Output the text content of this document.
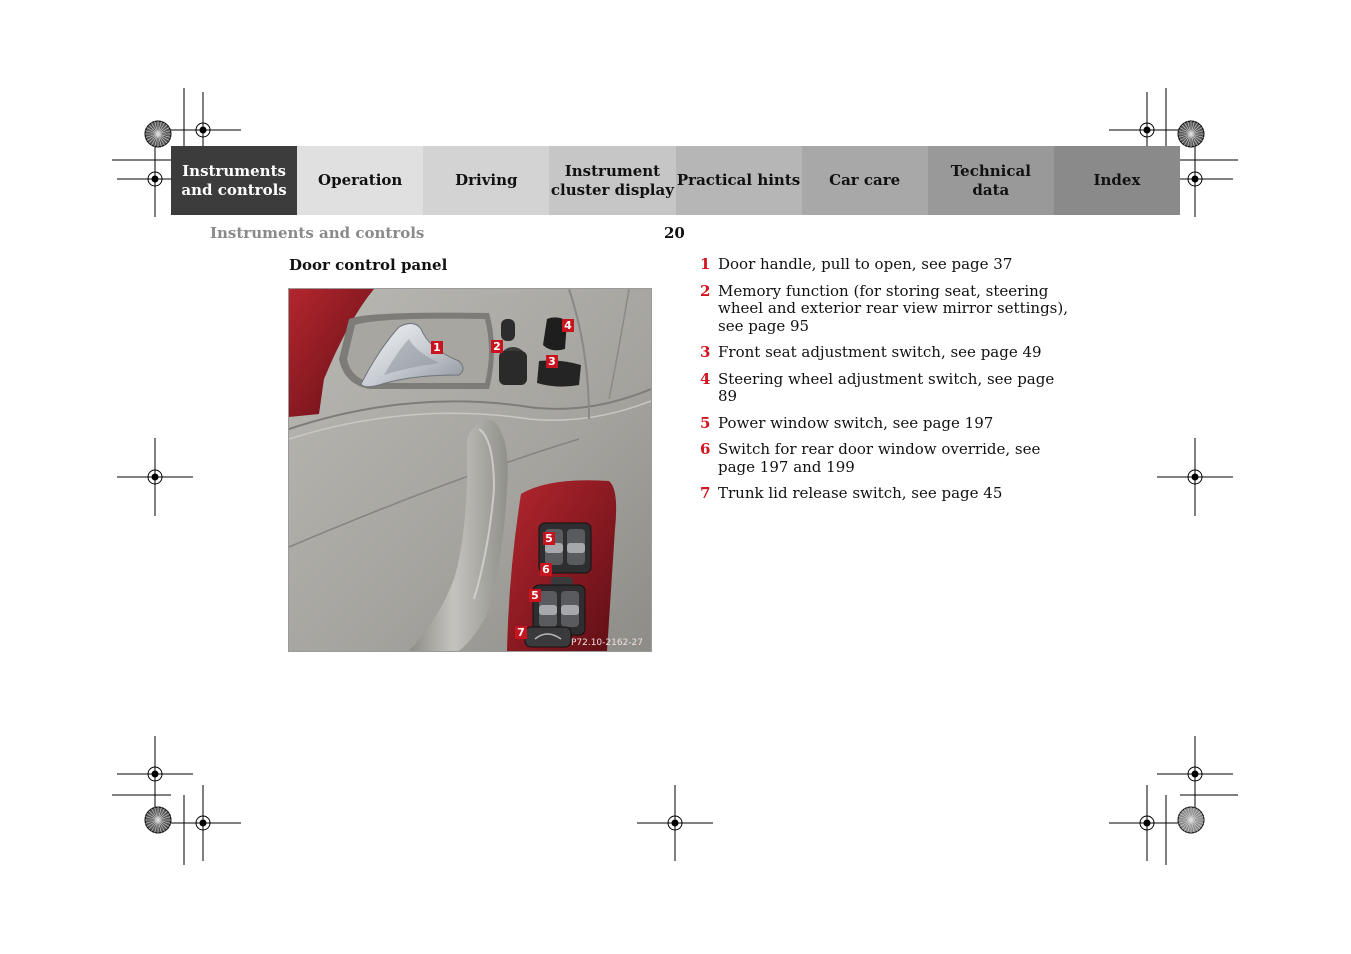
Instruments
and controls
Operation	Driving
Instrument
cluster display
Practical hints	Car care
Technical
data
Index
Instruments and controls	20
Door control panel
1	2
3
4
5
6
5
7
P72.10-2162-27
1 Door handle, pull to open, see page 37
2 Memory function (for storing seat, steering wheel and exterior rear view mirror settings), see page 95
3 Front seat adjustment switch, see page 49
4 Steering wheel adjustment switch, see page 89
5 Power window switch, see page 197
6 Switch for rear door window override, see page 197 and 199
7 Trunk lid release switch, see page 45
